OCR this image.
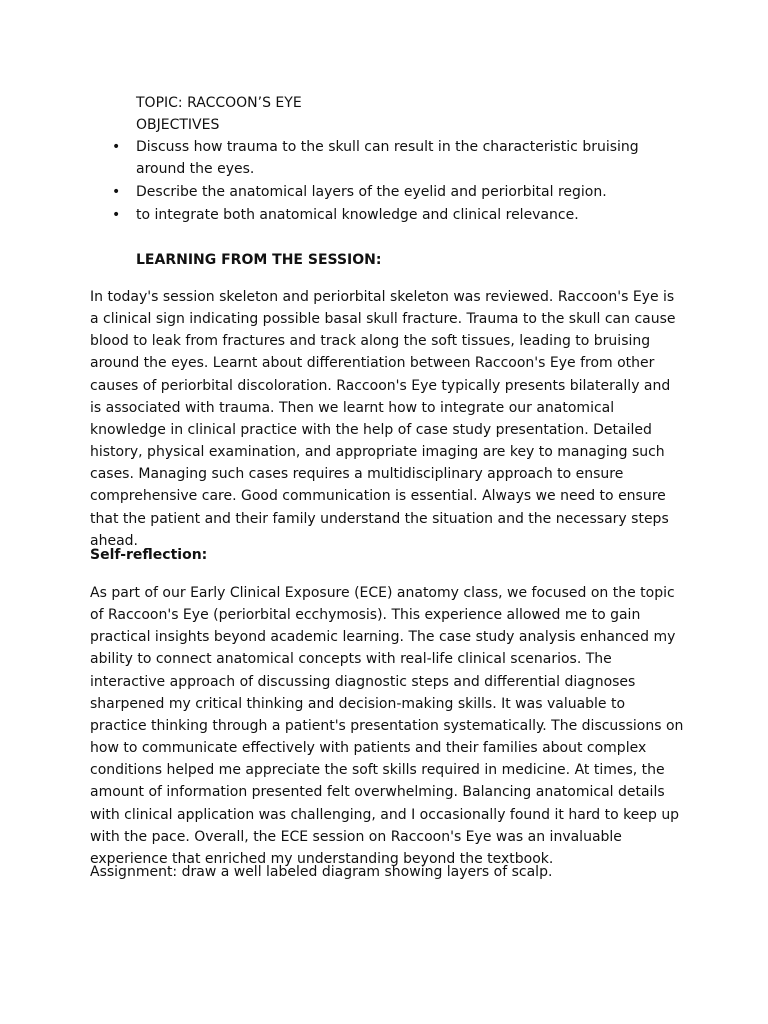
TOPIC: RACCOON’S EYE

OBJECTIVES

• Discuss how trauma to the skull can result in the characteristic bruising around the eyes.
• Describe the anatomical layers of the eyelid and periorbital region.
• to integrate both anatomical knowledge and clinical relevance.

LEARNING FROM THE SESSION:

In today's session skeleton and periorbital skeleton was reviewed. Raccoon's Eye is a clinical sign indicating possible basal skull fracture. Trauma to the skull can cause blood to leak from fractures and track along the soft tissues, leading to bruising around the eyes. Learnt about differentiation between Raccoon's Eye from other causes of periorbital discoloration. Raccoon's Eye typically presents bilaterally and is associated with trauma. Then we learnt how to integrate our anatomical knowledge in clinical practice with the help of case study presentation. Detailed history, physical examination, and appropriate imaging are key to managing such cases. Managing such cases requires a multidisciplinary approach to ensure comprehensive care. Good communication is essential. Always we need to ensure that the patient and their family understand the situation and the necessary steps ahead.

Self-reflection:

As part of our Early Clinical Exposure (ECE) anatomy class, we focused on the topic of Raccoon's Eye (periorbital ecchymosis). This experience allowed me to gain practical insights beyond academic learning. The case study analysis enhanced my ability to connect anatomical concepts with real-life clinical scenarios. The interactive approach of discussing diagnostic steps and differential diagnoses sharpened my critical thinking and decision-making skills. It was valuable to practice thinking through a patient's presentation systematically. The discussions on how to communicate effectively with patients and their families about complex conditions helped me appreciate the soft skills required in medicine. At times, the amount of information presented felt overwhelming. Balancing anatomical details with clinical application was challenging, and I occasionally found it hard to keep up with the pace. Overall, the ECE session on Raccoon's Eye was an invaluable experience that enriched my understanding beyond the textbook.

Assignment: draw a well labeled diagram showing layers of scalp.
